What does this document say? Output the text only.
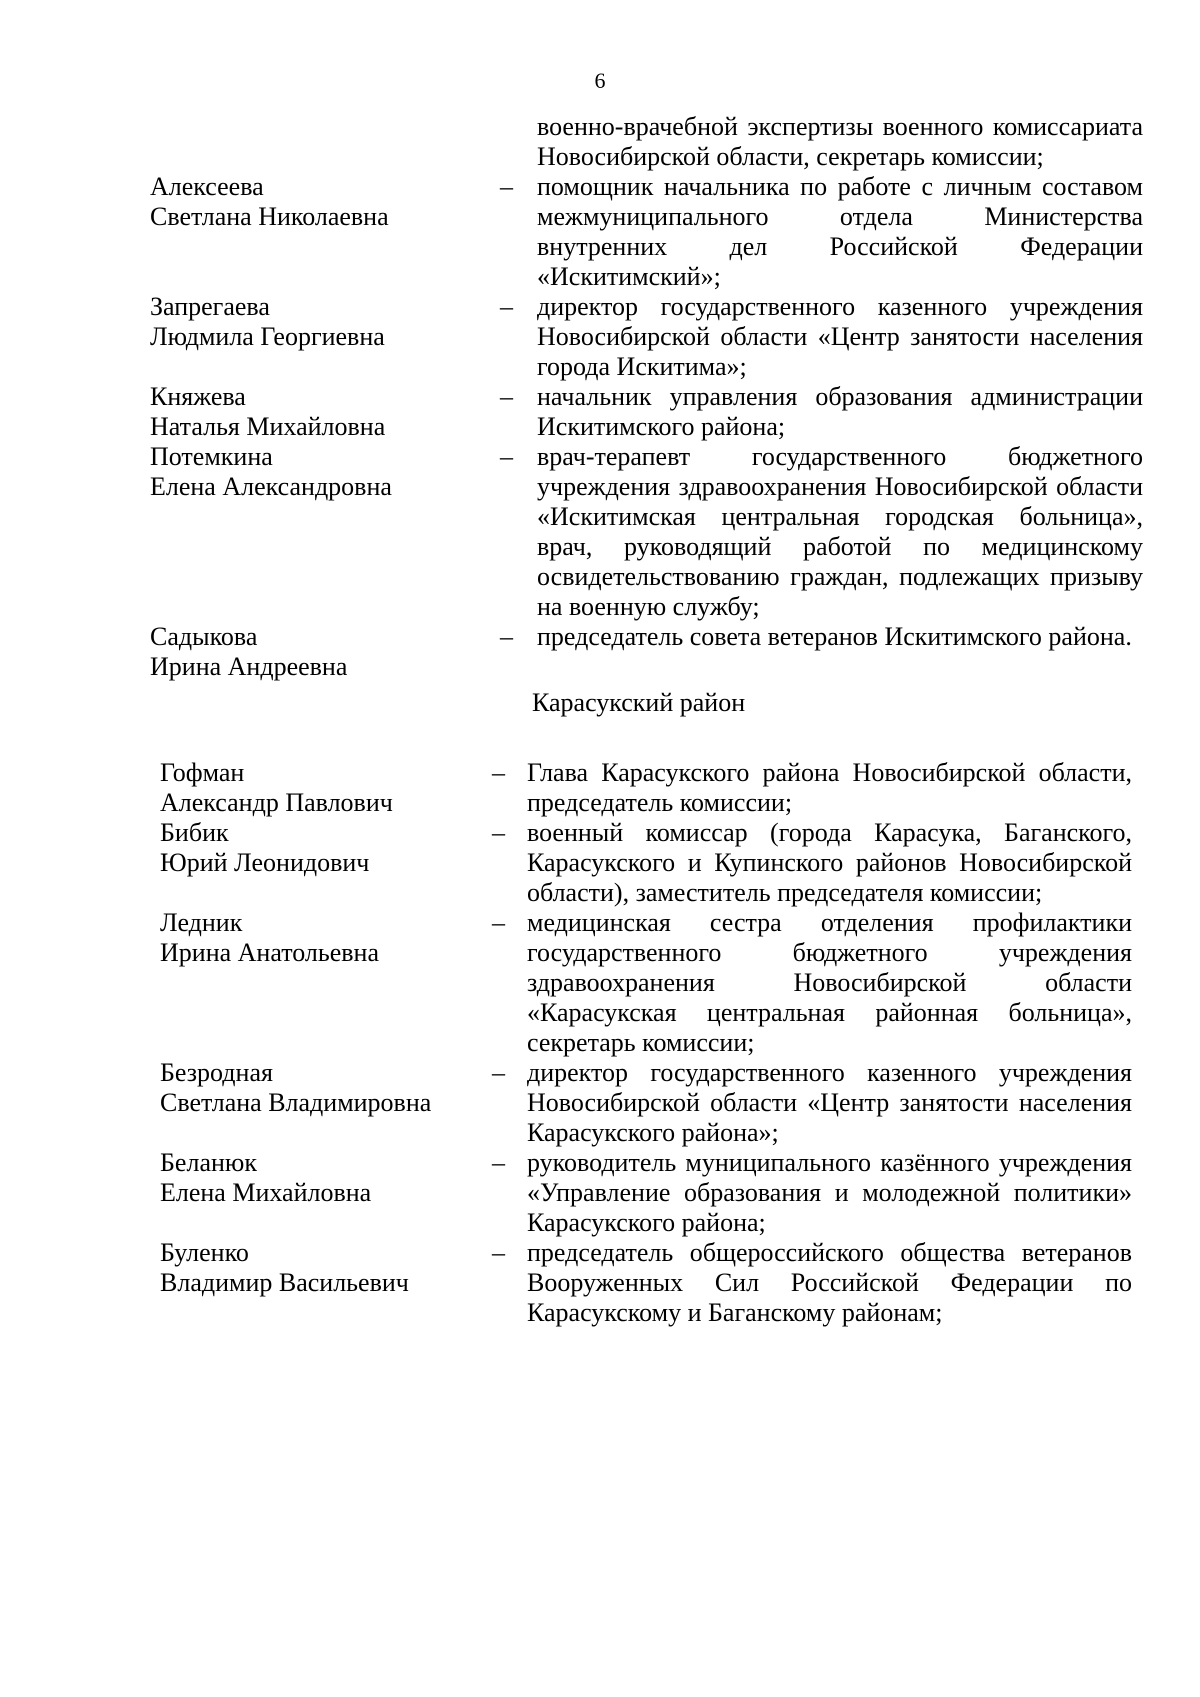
6
военно-врачебной экспертизы военного комиссариата Новосибирской области, секретарь комиссии;
Алексеева
Светлана Николаевна
– помощник начальника по работе с личным составом межмуниципального отдела Министерства внутренних дел Российской Федерации «Искитимский»;
Запрегаева
Людмила Георгиевна
– директор государственного казенного учреждения Новосибирской области «Центр занятости населения города Искитима»;
Княжева
Наталья Михайловна
– начальник управления образования администрации Искитимского района;
Потемкина
Елена Александровна
– врач-терапевт государственного бюджетного учреждения здравоохранения Новосибирской области «Искитимская центральная городская больница», врач, руководящий работой по медицинскому освидетельствованию граждан, подлежащих призыву на военную службу;
Садыкова
Ирина Андреевна
– председатель совета ветеранов Искитимского района.
Карасукский район
Гофман
Александр Павлович
– Глава Карасукского района Новосибирской области, председатель комиссии;
Бибик
Юрий Леонидович
– военный комиссар (города Карасука, Баганского, Карасукского и Купинского районов Новосибирской области), заместитель председателя комиссии;
Ледник
Ирина Анатольевна
– медицинская сестра отделения профилактики государственного бюджетного учреждения здравоохранения Новосибирской области «Карасукская центральная районная больница», секретарь комиссии;
Безродная
Светлана Владимировна
– директор государственного казенного учреждения Новосибирской области «Центр занятости населения Карасукского района»;
Беланюк
Елена Михайловна
– руководитель муниципального казённого учреждения «Управление образования и молодежной политики» Карасукского района;
Буленко
Владимир Васильевич
– председатель общероссийского общества ветеранов Вооруженных Сил Российской Федерации по Карасукскому и Баганскому районам;
